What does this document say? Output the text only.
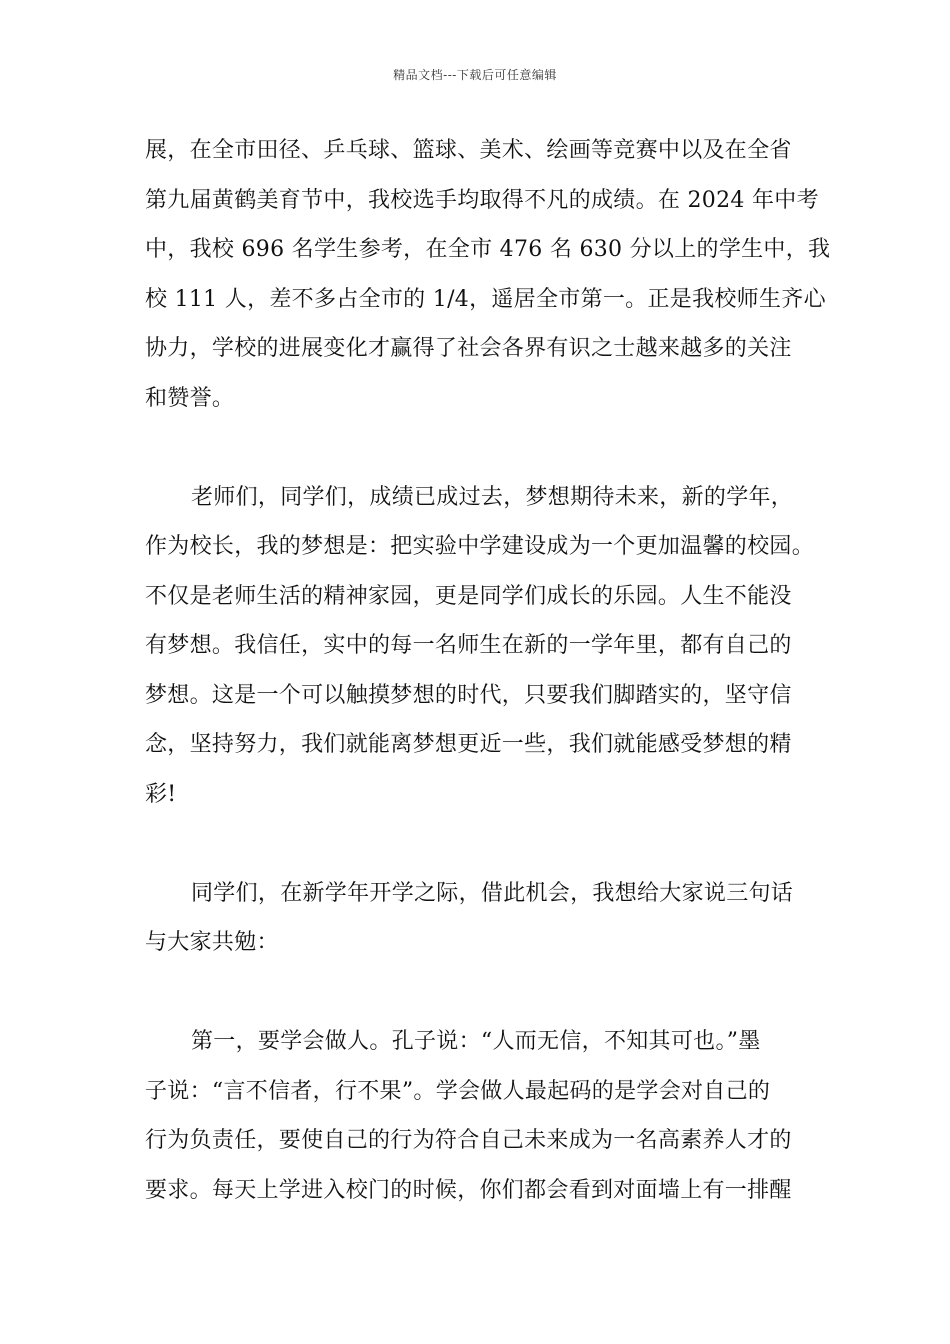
精品文档---下载后可任意编辑
展，在全市田径、乒乓球、篮球、美术、绘画等竞赛中以及在全省
第九届黄鹤美育节中，我校选手均取得不凡的成绩。在 2024 年中考
中，我校 696 名学生参考，在全市 476 名 630 分以上的学生中，我
校 111 人，差不多占全市的 1/4，遥居全市第一。正是我校师生齐心
协力，学校的进展变化才赢得了社会各界有识之士越来越多的关注
和赞誉。
老师们，同学们，成绩已成过去，梦想期待未来，新的学年，
作为校长，我的梦想是：把实验中学建设成为一个更加温馨的校园。
不仅是老师生活的精神家园，更是同学们成长的乐园。人生不能没
有梦想。我信任，实中的每一名师生在新的一学年里，都有自己的
梦想。这是一个可以触摸梦想的时代，只要我们脚踏实的，坚守信
念，坚持努力，我们就能离梦想更近一些，我们就能感受梦想的精
彩!
同学们，在新学年开学之际，借此机会，我想给大家说三句话
与大家共勉：
第一，要学会做人。孔子说：“人而无信，不知其可也。”墨
子说：“言不信者，行不果”。学会做人最起码的是学会对自己的
行为负责任，要使自己的行为符合自己未来成为一名高素养人才的
要求。每天上学进入校门的时候，你们都会看到对面墙上有一排醒
